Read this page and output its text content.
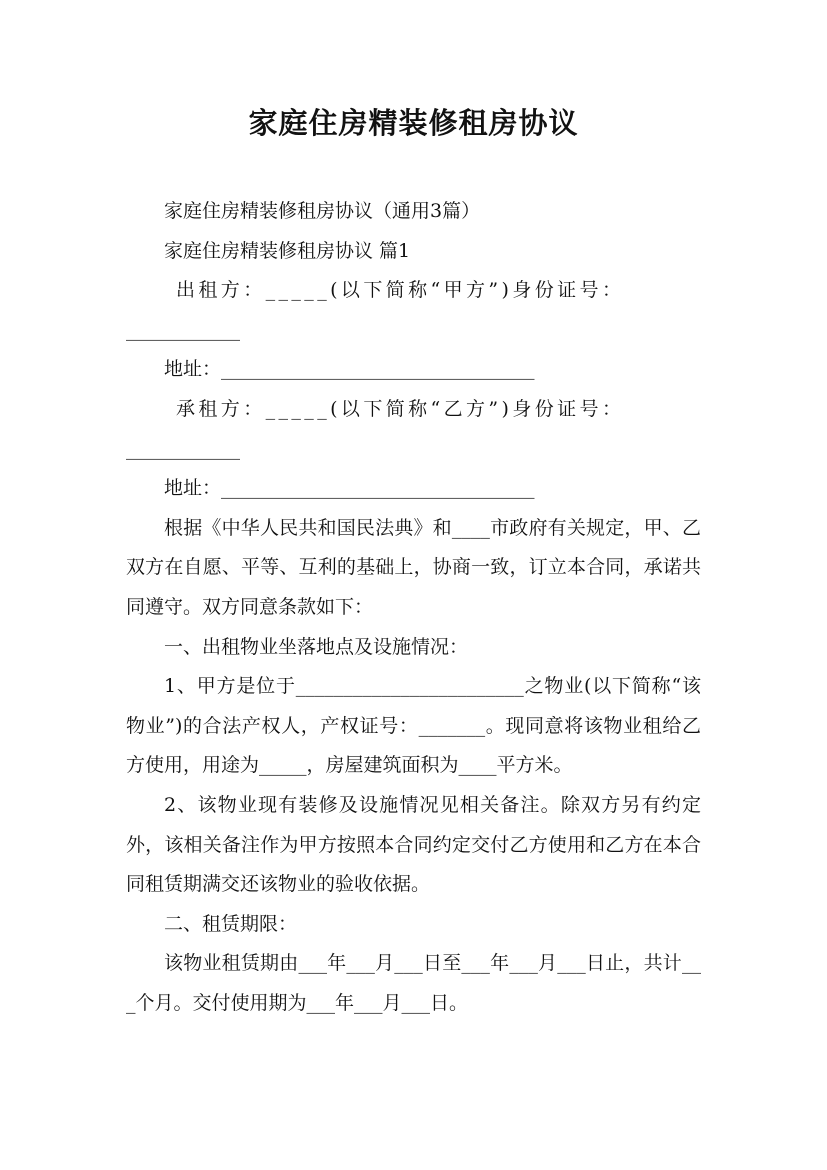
家庭住房精装修租房协议

家庭住房精装修租房协议（通用3篇）

家庭住房精装修租房协议 篇1

出租方：_____(以下简称“甲方”)身份证号：

____________

地址：_________________________________

承租方：_____(以下简称“乙方”)身份证号：

____________

地址：_________________________________

根据《中华人民共和国民法典》和____市政府有关规定，甲、乙双方在自愿、平等、互利的基础上，协商一致，订立本合同，承诺共同遵守。双方同意条款如下：

一、出租物业坐落地点及设施情况：

1、甲方是位于________________________之物业(以下简称“该物业”)的合法产权人，产权证号：_______。现同意将该物业租给乙方使用，用途为_____，房屋建筑面积为____平方米。

2、该物业现有装修及设施情况见相关备注。除双方另有约定外，该相关备注作为甲方按照本合同约定交付乙方使用和乙方在本合同租赁期满交还该物业的验收依据。

二、租赁期限：

该物业租赁期由___年___月___日至___年___月___日止，共计___个月。交付使用期为___年___月___日。
